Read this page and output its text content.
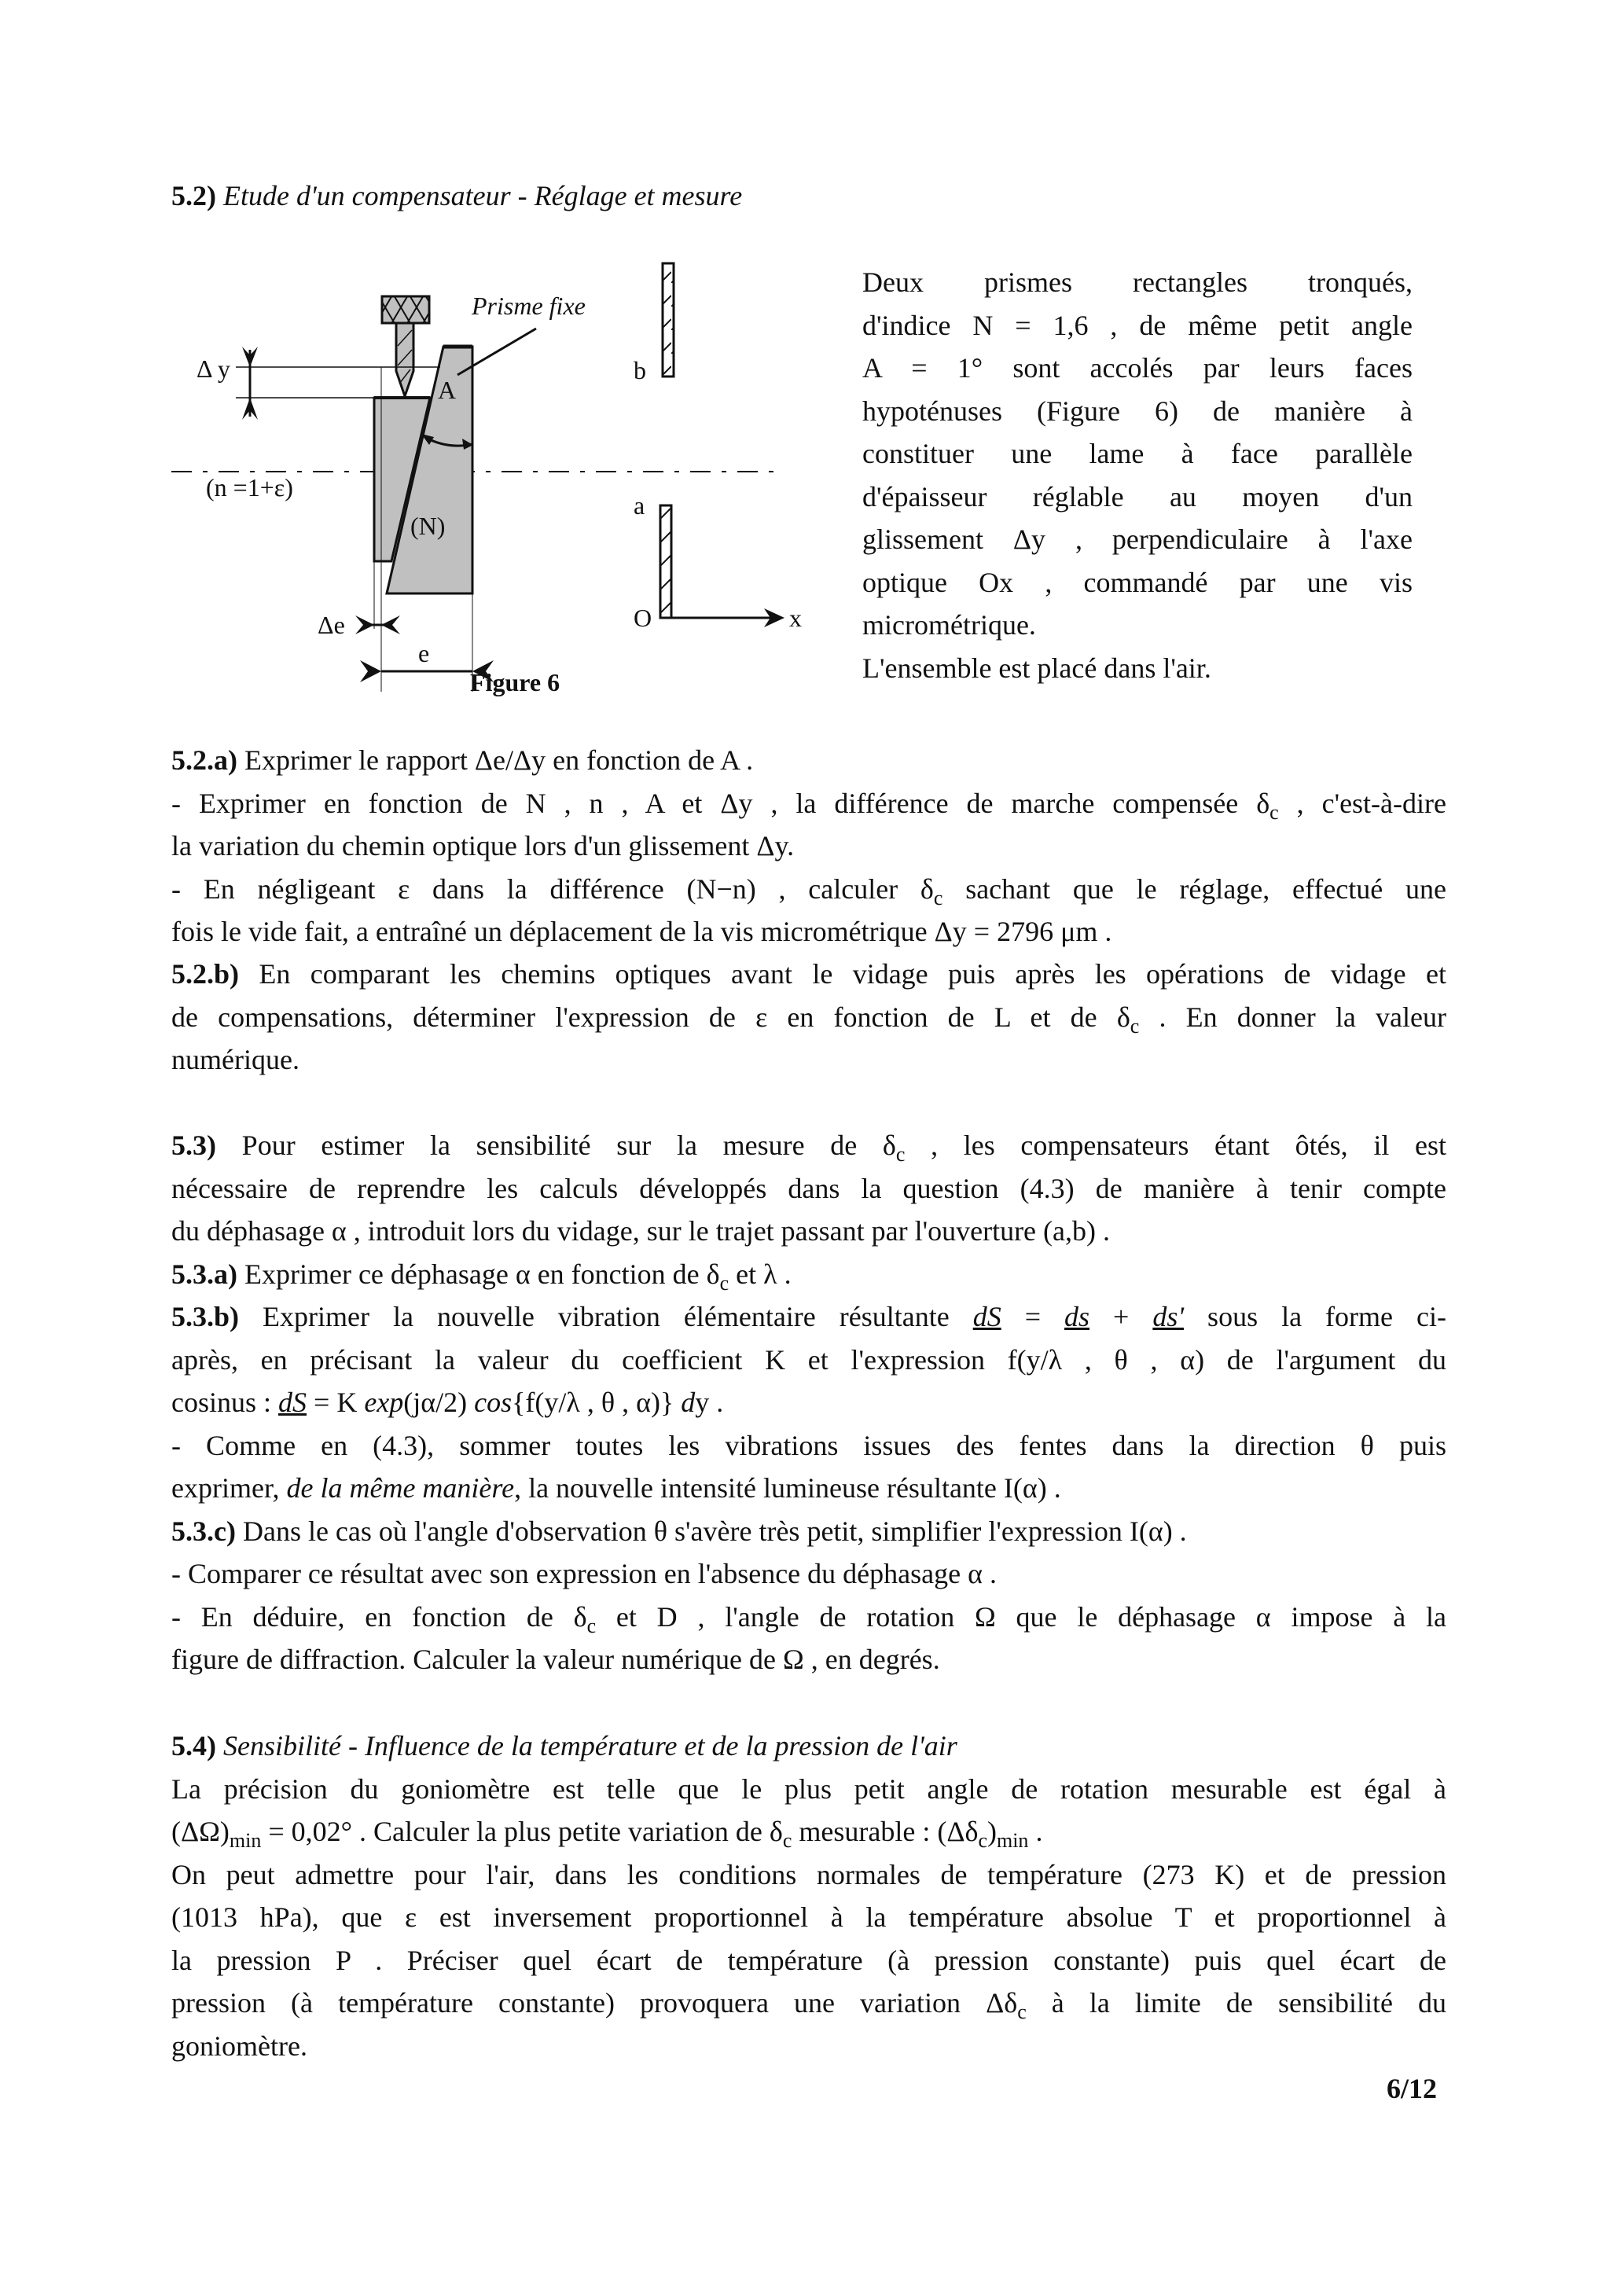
5.2) Etude d'un compensateur - Réglage et mesure
Prisme fixe
Δ y
A
(n =1+ε)
(N)
Δe
e
b
a
O	x
Figure 6
Deux prismes rectangles tronqués,
d'indice N = 1,6 , de même petit angle
A = 1° sont accolés par leurs faces
hypoténuses (Figure 6) de manière à
constituer une lame à face parallèle
d'épaisseur réglable au moyen d'un
glissement Δy , perpendiculaire à l'axe
optique Ox , commandé par une vis
micrométrique.
L'ensemble est placé dans l'air.
5.2.a) Exprimer le rapport Δe/Δy en fonction de A .
- Exprimer en fonction de N , n , A et Δy , la différence de marche compensée $\delta_c$ , c'est-à-dire
la variation du chemin optique lors d'un glissement Δy.
- En négligeant ε dans la différence (N−n) , calculer $\delta_c$ sachant que le réglage, effectué une
fois le vide fait, a entraîné un déplacement de la vis micrométrique Δy = 2796 μm .
5.2.b) En comparant les chemins optiques avant le vidage puis après les opérations de vidage et
de compensations, déterminer l'expression de ε en fonction de L et de $\delta_c$ . En donner la valeur
numérique.
5.3) Pour estimer la sensibilité sur la mesure de $\delta_c$ , les compensateurs étant ôtés, il est
nécessaire de reprendre les calculs développés dans la question (4.3) de manière à tenir compte
du déphasage α , introduit lors du vidage, sur le trajet passant par l'ouverture (a,b) .
5.3.a) Exprimer ce déphasage α en fonction de $\delta_c$ et λ .
5.3.b) Exprimer la nouvelle vibration élémentaire résultante dS = ds + ds' sous la forme ci-
après, en précisant la valeur du coefficient K et l'expression f(y/λ , θ , α) de l'argument du
cosinus : dS = K exp(jα/2) cos{f(y/λ , θ , α)} dy .
- Comme en (4.3), sommer toutes les vibrations issues des fentes dans la direction θ puis
exprimer, de la même manière, la nouvelle intensité lumineuse résultante I(α) .
5.3.c) Dans le cas où l'angle d'observation θ s'avère très petit, simplifier l'expression I(α) .
- Comparer ce résultat avec son expression en l'absence du déphasage α .
- En déduire, en fonction de $\delta_c$ et D , l'angle de rotation Ω que le déphasage α impose à la
figure de diffraction. Calculer la valeur numérique de Ω , en degrés.
5.4) Sensibilité - Influence de la température et de la pression de l'air
La précision du goniomètre est telle que le plus petit angle de rotation mesurable est égal à
$(\Delta\Omega)_{min} = 0,02^\circ$ . Calculer la plus petite variation de $\delta_c$ mesurable : $(\Delta\delta_c)_{min}$ .
On peut admettre pour l'air, dans les conditions normales de température (273 K) et de pression
(1013 hPa), que ε est inversement proportionnel à la température absolue T et proportionnel à
la pression P . Préciser quel écart de température (à pression constante) puis quel écart de
pression (à température constante) provoquera une variation $\Delta\delta_c$ à la limite de sensibilité du
goniomètre.
6/12
